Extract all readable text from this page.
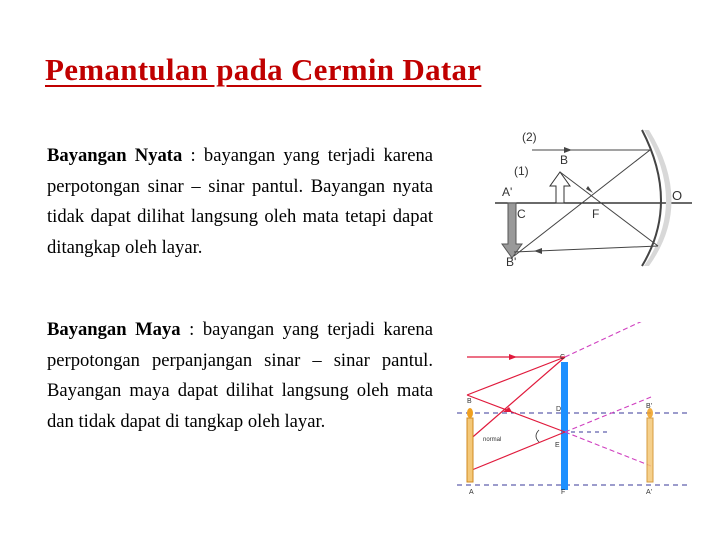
Pemantulan pada Cermin Datar

Bayangan Nyata : bayangan yang terjadi karena perpotongan sinar – sinar pantul. Bayangan nyata tidak dapat dilihat langsung oleh mata tetapi dapat ditangkap oleh layar.

Bayangan Maya : bayangan yang terjadi karena perpotongan perpanjangan sinar – sinar pantul. Bayangan maya dapat dilihat langsung oleh mata dan tidak dapat di tangkap oleh layar.

(2)
(1)
B
A'
C	F
O
B'
C
B
D	B'
normal
E
A	F	A'
